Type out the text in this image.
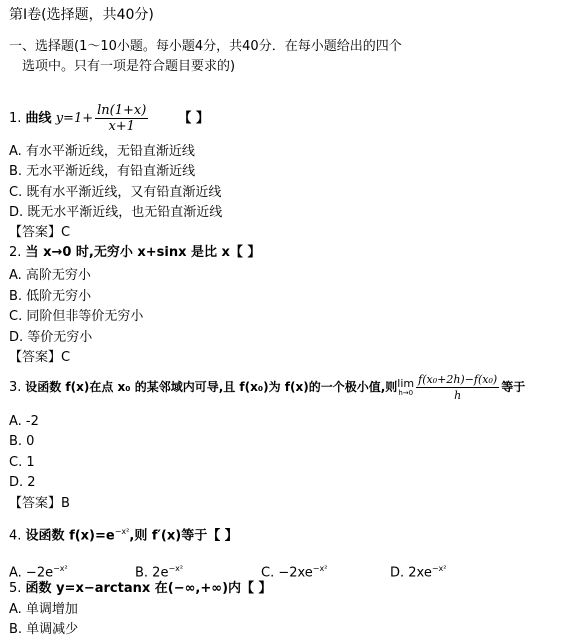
第Ⅰ卷(选择题，共40分)
一、选择题(1～10小题。每小题4分，共40分．在每小题给出的四个
选项中。只有一项是符合题目要求的)
1. 曲线 $y=1+ \frac{\ln(1+x)}{x+1}$ 【 】
A. 有水平渐近线，无铅直渐近线
B. 无水平渐近线，有铅直渐近线
C. 既有水平渐近线，又有铅直渐近线
D. 既无水平渐近线，也无铅直渐近线
【答案】C
2. 当 x→0 时,无穷小 x+sinx 是比 x【 】
A. 高阶无穷小
B. 低阶无穷小
C. 同阶但非等价无穷小
D. 等价无穷小
【答案】C
3. 设函数 f(x)在点 x₀ 的某邻域内可导,且 f(x₀)为 f(x)的一个极小值,则lim
$h\to 0 \frac{\text{f(x₀+2h)−f(x₀)}}{h}$ 等于
A. -2
B. 0
C. 1
D. 2
【答案】B
4. 设函数 $f(x)=e^{-x^2}$,则 f′(x)等于【 】
A. $-2e^{-x^2}$	B. $2e^{-x^2}$	C. $-2xe^{-x^2}$	D. $2xe^{-x^2}$
5. 函数 y=x−arctanx 在(−∞,+∞)内【 】
A. 单调增加
B. 单调减少
